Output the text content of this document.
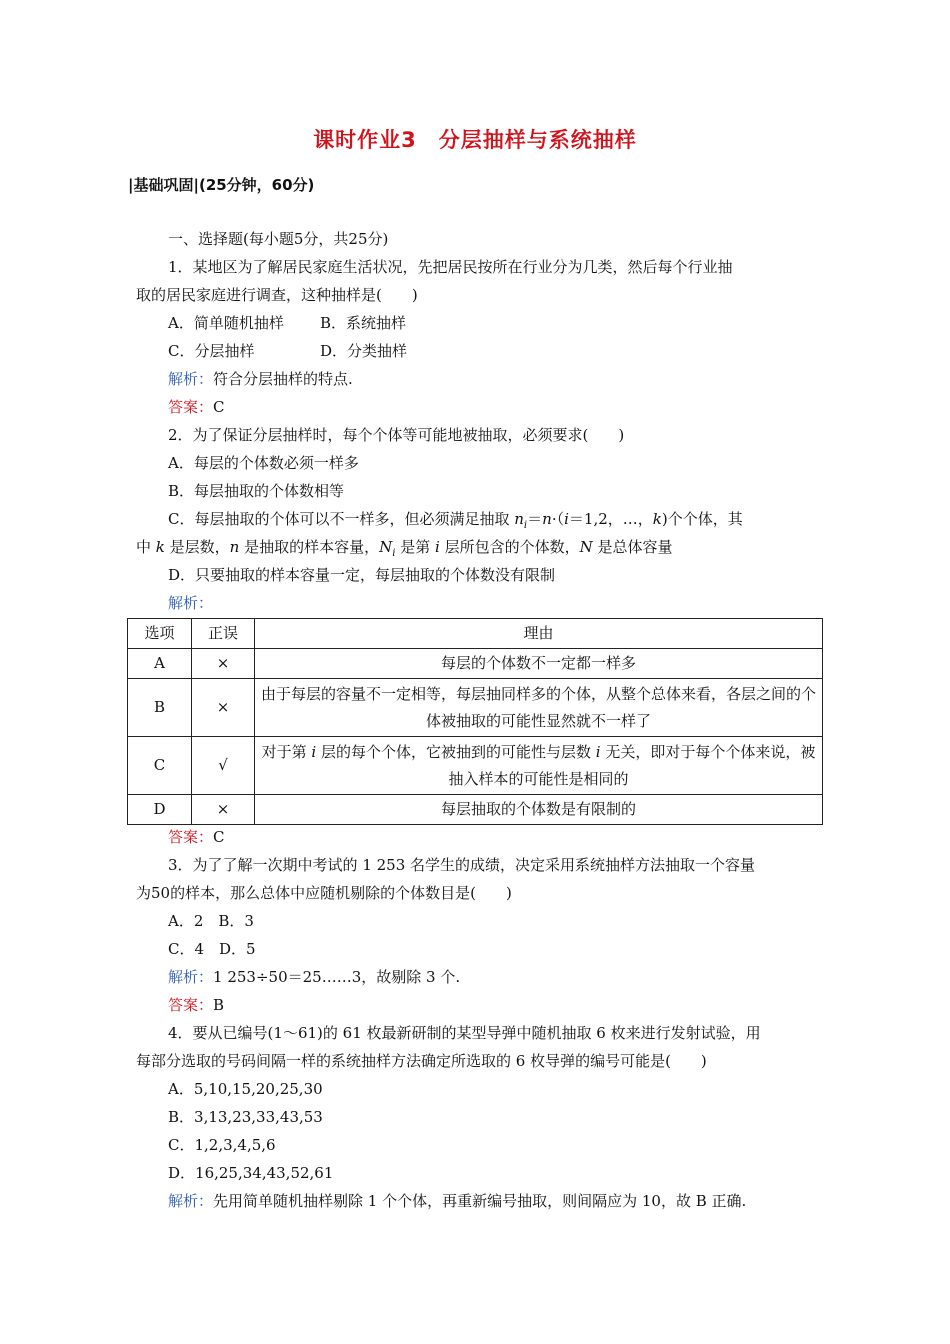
课时作业3　分层抽样与系统抽样
|基础巩固|(25分钟，60分)
一、选择题(每小题5分，共25分)
1．某地区为了解居民家庭生活状况，先把居民按所在行业分为几类，然后每个行业抽
取的居民家庭进行调查，这种抽样是(　　)
A．简单随机抽样 B．系统抽样
C．分层抽样	D．分类抽样
解析：符合分层抽样的特点.
答案：C
2．为了保证分层抽样时，每个个体等可能地被抽取，必须要求(　　)
A．每层的个体数必须一样多
B．每层抽取的个体数相等
C．每层抽取的个体可以不一样多，但必须满足抽取 $n_i=n\cdot(i=1,2$，…，k)个个体，其
中 k 是层数，n 是抽取的样本容量，$N_i$ 是第 i 层所包含的个体数，N 是总体容量
D．只要抽取的样本容量一定，每层抽取的个体数没有限制
解析：
选项	正误	理由
A	×	每层的个体数不一定都一样多
B	×	由于每层的容量不一定相等，每层抽同样多的个体，从整个总体来看，各层之间的个体被抽取的可能性显然就不一样了
C	√	对于第 i 层的每个个体，它被抽到的可能性与层数 i 无关，即对于每个个体来说，被抽入样本的可能性是相同的
D	×	每层抽取的个体数是有限制的
答案：C
3．为了了解一次期中考试的 1 253 名学生的成绩，决定采用系统抽样方法抽取一个容量
为50的样本，那么总体中应随机剔除的个体数目是(　　)
A．2　B．3
C．4　D．5
解析：1 253÷50＝25……3，故剔除 3 个.
答案：B
4．要从已编号(1～61)的 61 枚最新研制的某型导弹中随机抽取 6 枚来进行发射试验，用
每部分选取的号码间隔一样的系统抽样方法确定所选取的 6 枚导弹的编号可能是(　　)
A．5,10,15,20,25,30
B．3,13,23,33,43,53
C．1,2,3,4,5,6
D．16,25,34,43,52,61
解析：先用简单随机抽样剔除 1 个个体，再重新编号抽取，则间隔应为 10，故 B 正确.
